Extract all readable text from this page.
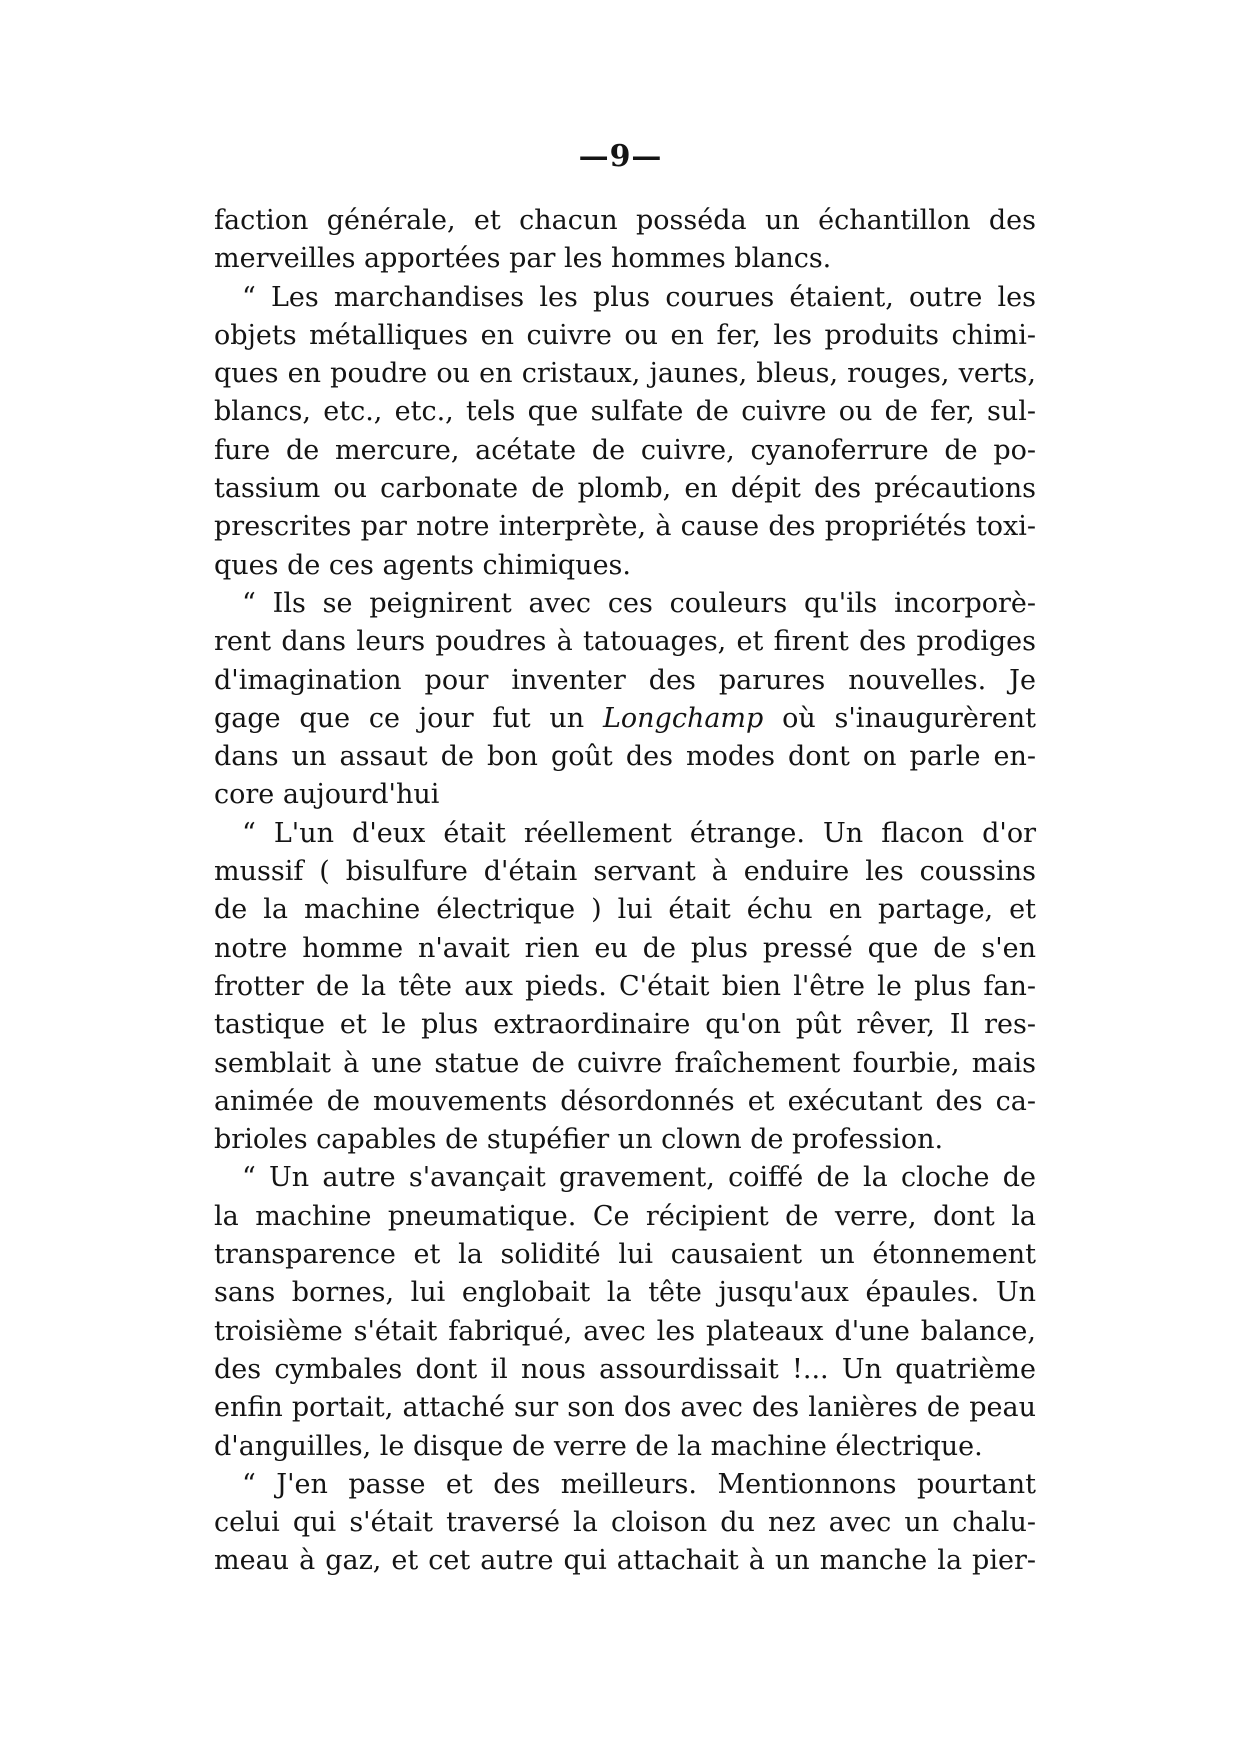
—9—
faction générale, et chacun posséda un échantillon des
merveilles apportées par les hommes blancs.
“ Les marchandises les plus courues étaient, outre les
objets métalliques en cuivre ou en fer, les produits chimi-
ques en poudre ou en cristaux, jaunes, bleus, rouges, verts,
blancs, etc., etc., tels que sulfate de cuivre ou de fer, sul-
fure de mercure, acétate de cuivre, cyanoferrure de po-
tassium ou carbonate de plomb, en dépit des précautions
prescrites par notre interprète, à cause des propriétés toxi-
ques de ces agents chimiques.
“ Ils se peignirent avec ces couleurs qu'ils incorporè-
rent dans leurs poudres à tatouages, et firent des prodiges
d'imagination pour inventer des parures nouvelles. Je
gage que ce jour fut un Longchamp où s'inaugurèrent
dans un assaut de bon goût des modes dont on parle en-
core aujourd'hui
“ L'un d'eux était réellement étrange. Un flacon d'or
mussif ( bisulfure d'étain servant à enduire les coussins
de la machine électrique ) lui était échu en partage, et
notre homme n'avait rien eu de plus pressé que de s'en
frotter de la tête aux pieds. C'était bien l'être le plus fan-
tastique et le plus extraordinaire qu'on pût rêver, Il res-
semblait à une statue de cuivre fraîchement fourbie, mais
animée de mouvements désordonnés et exécutant des ca-
brioles capables de stupéfier un clown de profession.
“ Un autre s'avançait gravement, coiffé de la cloche de
la machine pneumatique. Ce récipient de verre, dont la
transparence et la solidité lui causaient un étonnement
sans bornes, lui englobait la tête jusqu'aux épaules. Un
troisième s'était fabriqué, avec les plateaux d'une balance,
des cymbales dont il nous assourdissait !... Un quatrième
enfin portait, attaché sur son dos avec des lanières de peau
d'anguilles, le disque de verre de la machine électrique.
“ J'en passe et des meilleurs. Mentionnons pourtant
celui qui s'était traversé la cloison du nez avec un chalu-
meau à gaz, et cet autre qui attachait à un manche la pier-
